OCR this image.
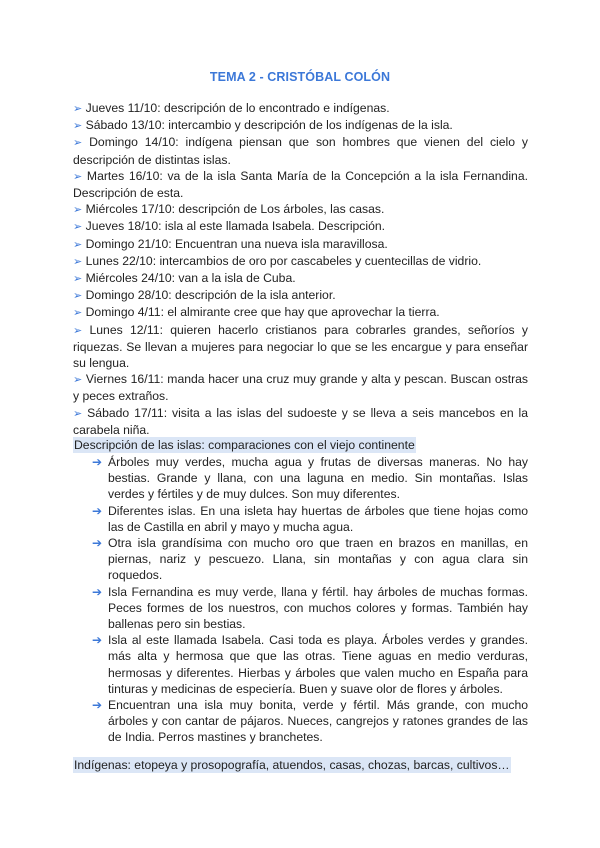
TEMA 2 - CRISTÓBAL COLÓN
➢ Jueves 11/10: descripción de lo encontrado e indígenas.
➢ Sábado 13/10: intercambio y descripción de los indígenas de la isla.
➢ Domingo 14/10: indígena piensan que son hombres que vienen del cielo y descripción de distintas islas.
➢ Martes 16/10: va de la isla Santa María de la Concepción a la isla Fernandina. Descripción de esta.
➢ Miércoles 17/10: descripción de Los árboles, las casas.
➢ Jueves 18/10: isla al este llamada Isabela. Descripción.
➢ Domingo 21/10: Encuentran una nueva isla maravillosa.
➢ Lunes 22/10: intercambios de oro por cascabeles y cuentecillas de vidrio.
➢ Miércoles 24/10: van a la isla de Cuba.
➢ Domingo 28/10: descripción de la isla anterior.
➢ Domingo 4/11: el almirante cree que hay que aprovechar la tierra.
➢ Lunes 12/11: quieren hacerlo cristianos para cobrarles grandes, señoríos y riquezas. Se llevan a mujeres para negociar lo que se les encargue y para enseñar su lengua.
➢ Viernes 16/11: manda hacer una cruz muy grande y alta y pescan. Buscan ostras y peces extraños.
➢ Sábado 17/11: visita a las islas del sudoeste y se lleva a seis mancebos en la carabela niña.
Descripción de las islas: comparaciones con el viejo continente
➔ Árboles muy verdes, mucha agua y frutas de diversas maneras. No hay bestias. Grande y llana, con una laguna en medio. Sin montañas. Islas verdes y fértiles y de muy dulces. Son muy diferentes.
➔ Diferentes islas. En una isleta hay huertas de árboles que tiene hojas como las de Castilla en abril y mayo y mucha agua.
➔ Otra isla grandísima con mucho oro que traen en brazos en manillas, en piernas, nariz y pescuezo. Llana, sin montañas y con agua clara sin roquedos.
➔ Isla Fernandina es muy verde, llana y fértil. hay árboles de muchas formas. Peces formes de los nuestros, con muchos colores y formas. También hay ballenas pero sin bestias.
➔ Isla al este llamada Isabela. Casi toda es playa. Árboles verdes y grandes. más alta y hermosa que que las otras. Tiene aguas en medio verduras, hermosas y diferentes. Hierbas y árboles que valen mucho en España para tinturas y medicinas de especiería. Buen y suave olor de flores y árboles.
➔ Encuentran una isla muy bonita, verde y fértil. Más grande, con mucho árboles y con cantar de pájaros. Nueces, cangrejos y ratones grandes de las de India. Perros mastines y branchetes.
Indígenas: etopeya y prosopografía, atuendos, casas, chozas, barcas, cultivos…
